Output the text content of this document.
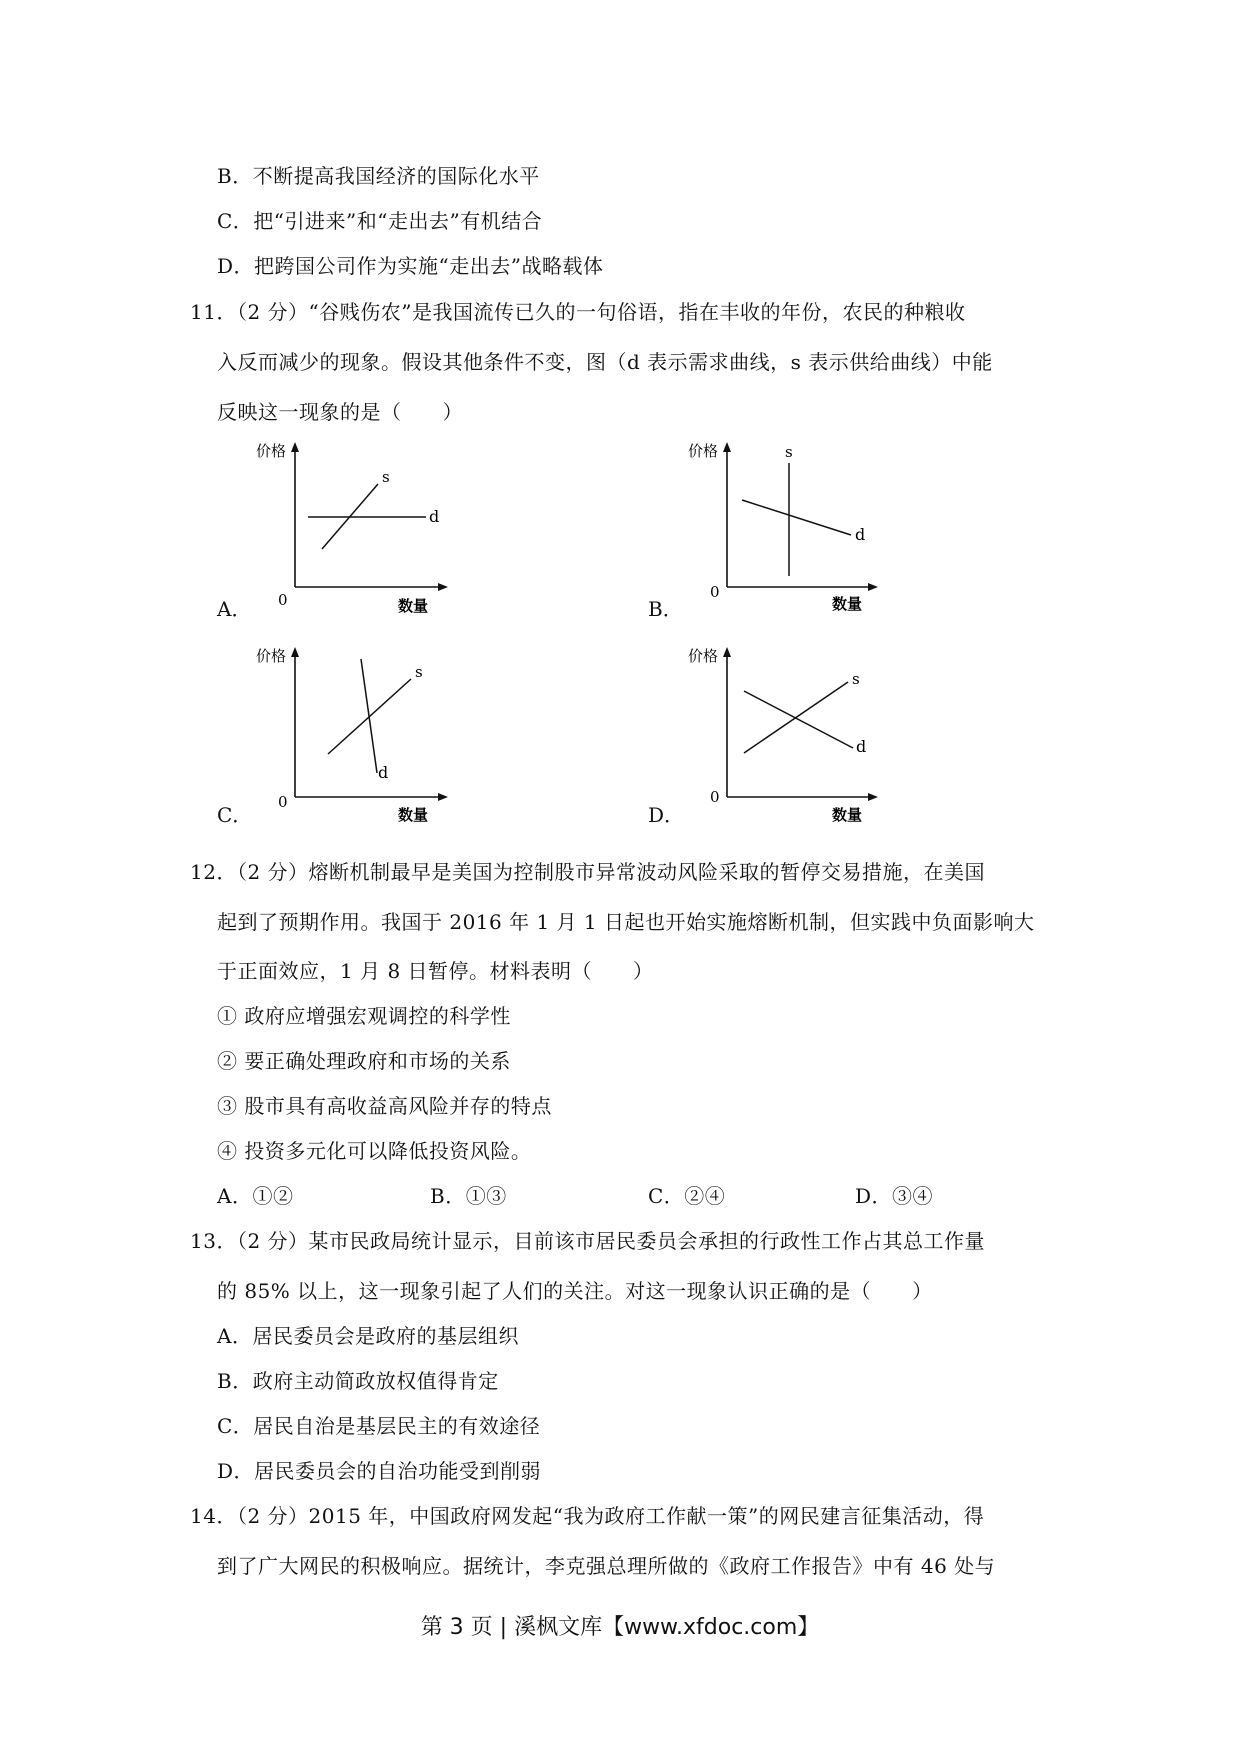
B．不断提高我国经济的国际化水平
C．把“引进来”和“走出去”有机结合
D．把跨国公司作为实施“走出去”战略载体
11．（2 分）“谷贱伤农”是我国流传已久的一句俗语，指在丰收的年份，农民的种粮收
入反而减少的现象。假设其他条件不变，图（d 表示需求曲线，s 表示供给曲线）中能
反映这一现象的是（　　）
A．
价格
0	数量
s
d
B．
价格
0
数量
s
d
C．
价格
0
数量
s
d
D．
价格
0
数量
s
d
12．（2 分）熔断机制最早是美国为控制股市异常波动风险采取的暂停交易措施，在美国
起到了预期作用。我国于 2016 年 1 月 1 日起也开始实施熔断机制，但实践中负面影响大
于正面效应，1 月 8 日暂停。材料表明（　　）
① 政府应增强宏观调控的科学性
② 要正确处理政府和市场的关系
③ 股市具有高收益高风险并存的特点
④ 投资多元化可以降低投资风险。
A．①②	B．①③	C．②④	D．③④
13．（2 分）某市民政局统计显示，目前该市居民委员会承担的行政性工作占其总工作量
的 85% 以上，这一现象引起了人们的关注。对这一现象认识正确的是（　　）
A．居民委员会是政府的基层组织
B．政府主动简政放权值得肯定
C．居民自治是基层民主的有效途径
D．居民委员会的自治功能受到削弱
14．（2 分）2015 年，中国政府网发起“我为政府工作献一策”的网民建言征集活动，得
到了广大网民的积极响应。据统计，李克强总理所做的《政府工作报告》中有 46 处与
第 3 页 | 溪枫文库【www.xfdoc.com】
